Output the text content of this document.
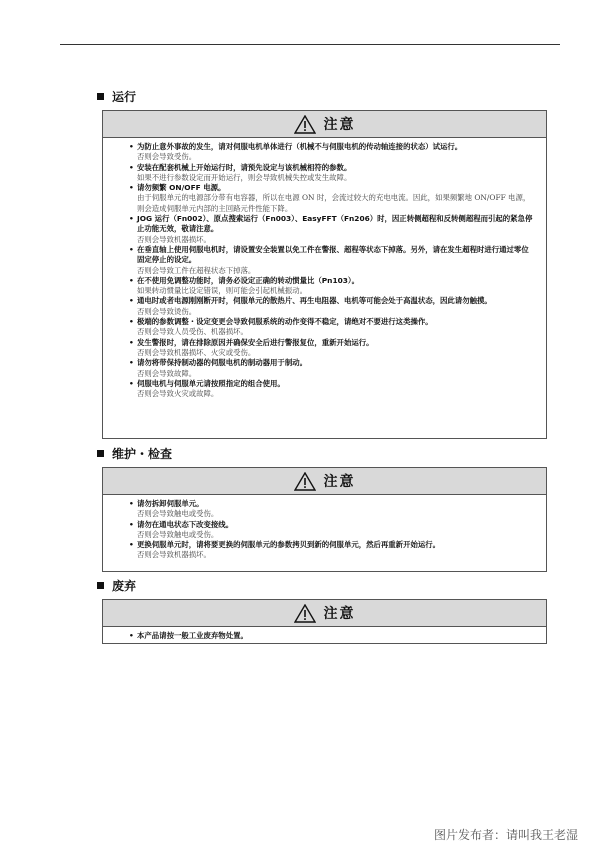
运行
注意
• 为防止意外事故的发生，请对伺服电机单体进行（机械不与伺服电机的传动轴连接的状态）试运行。
否则会导致受伤。
• 安装在配套机械上开始运行时，请预先设定与该机械相符的参数。
如果不进行参数设定而开始运行，则会导致机械失控或发生故障。
• 请勿频繁 ON/OFF 电源。
由于伺服单元的电源部分带有电容器，所以在电源 ON 时，会流过较大的充电电流。因此，如果频繁地 ON/OFF 电源，则会造成伺服单元内部的主回路元件性能下降。
• JOG 运行（Fn002）、原点搜索运行（Fn003）、EasyFFT（Fn206）时，因正转侧超程和反转侧超程而引起的紧急停止功能无效，敬请注意。
否则会导致机器损坏。
• 在垂直轴上使用伺服电机时，请设置安全装置以免工件在警报、超程等状态下掉落。另外，请在发生超程时进行通过零位固定停止的设定。
否则会导致工件在超程状态下掉落。
• 在不使用免调整功能时，请务必设定正确的转动惯量比（Pn103）。
如果转动惯量比设定错误，则可能会引起机械振动。
• 通电时或者电源刚刚断开时，伺服单元的散热片、再生电阻器、电机等可能会处于高温状态，因此请勿触摸。
否则会导致烫伤。
• 极端的参数调整・设定变更会导致伺服系统的动作变得不稳定，请绝对不要进行这类操作。
否则会导致人员受伤、机器损坏。
• 发生警报时，请在排除原因并确保安全后进行警报复位，重新开始运行。
否则会导致机器损坏、火灾或受伤。
• 请勿将带保持制动器的伺服电机的制动器用于制动。
否则会导致故障。
• 伺服电机与伺服单元请按照指定的组合使用。
否则会导致火灾或故障。
维护・检查
注意
• 请勿拆卸伺服单元。
否则会导致触电或受伤。
• 请勿在通电状态下改变接线。
否则会导致触电或受伤。
• 更换伺服单元时，请将要更换的伺服单元的参数拷贝到新的伺服单元，然后再重新开始运行。
否则会导致机器损坏。
废弃
注意
• 本产品请按一般工业废弃物处置。
图片发布者：请叫我王老湿
